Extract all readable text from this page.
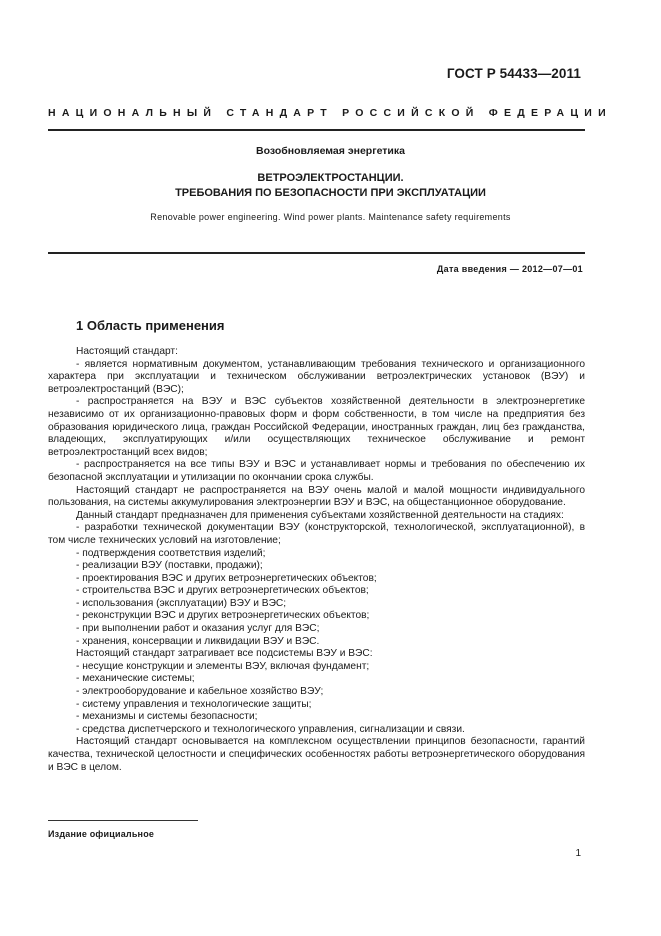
ГОСТ Р 54433—2011
НАЦИОНАЛЬНЫЙ СТАНДАРТ РОССИЙСКОЙ ФЕДЕРАЦИИ
Возобновляемая энергетика
ВЕТРОЭЛЕКТРОСТАНЦИИ.
ТРЕБОВАНИЯ ПО БЕЗОПАСНОСТИ ПРИ ЭКСПЛУАТАЦИИ
Renovable power engineering. Wind power plants. Maintenance safety requirements
Дата введения — 2012—07—01
1 Область применения

Настоящий стандарт:

- является нормативным документом, устанавливающим требования технического и организационного характера при эксплуатации и техническом обслуживании ветроэлектрических установок (ВЭУ) и ветроэлектростанций (ВЭС);

- распространяется на ВЭУ и ВЭС субъектов хозяйственной деятельности в электроэнергетике независимо от их организационно-правовых форм и форм собственности, в том числе на предприятия без образования юридического лица, граждан Российской Федерации, иностранных граждан, лиц без гражданства, владеющих, эксплуатирующих и/или осуществляющих техническое обслуживание и ремонт ветроэлектростанций всех видов;

- распространяется на все типы ВЭУ и ВЭС и устанавливает нормы и требования по обеспечению их безопасной эксплуатации и утилизации по окончании срока службы.

Настоящий стандарт не распространяется на ВЭУ очень малой и малой мощности индивидуального пользования, на системы аккумулирования электроэнергии ВЭУ и ВЭС, на общестанционное оборудование.

Данный стандарт предназначен для применения субъектами хозяйственной деятельности на стадиях:

- разработки технической документации ВЭУ (конструкторской, технологической, эксплуатационной), в том числе технических условий на изготовление;

- подтверждения соответствия изделий;

- реализации ВЭУ (поставки, продажи);

- проектирования ВЭС и других ветроэнергетических объектов;

- строительства ВЭС и других ветроэнергетических объектов;

- использования (эксплуатации) ВЭУ и ВЭС;

- реконструкции ВЭС и других ветроэнергетических объектов;

- при выполнении работ и оказания услуг для ВЭС;

- хранения, консервации и ликвидации ВЭУ и ВЭС.

Настоящий стандарт затрагивает все подсистемы ВЭУ и ВЭС:

- несущие конструкции и элементы ВЭУ, включая фундамент;

- механические системы;

- электрооборудование и кабельное хозяйство ВЭУ;

- систему управления и технологические защиты;

- механизмы и системы безопасности;

- средства диспетчерского и технологического управления, сигнализации и связи.

Настоящий стандарт основывается на комплексном осуществлении принципов безопасности, гарантий качества, технической целостности и специфических особенностях работы ветроэнергетического оборудования и ВЭС в целом.

Издание официальное
1
